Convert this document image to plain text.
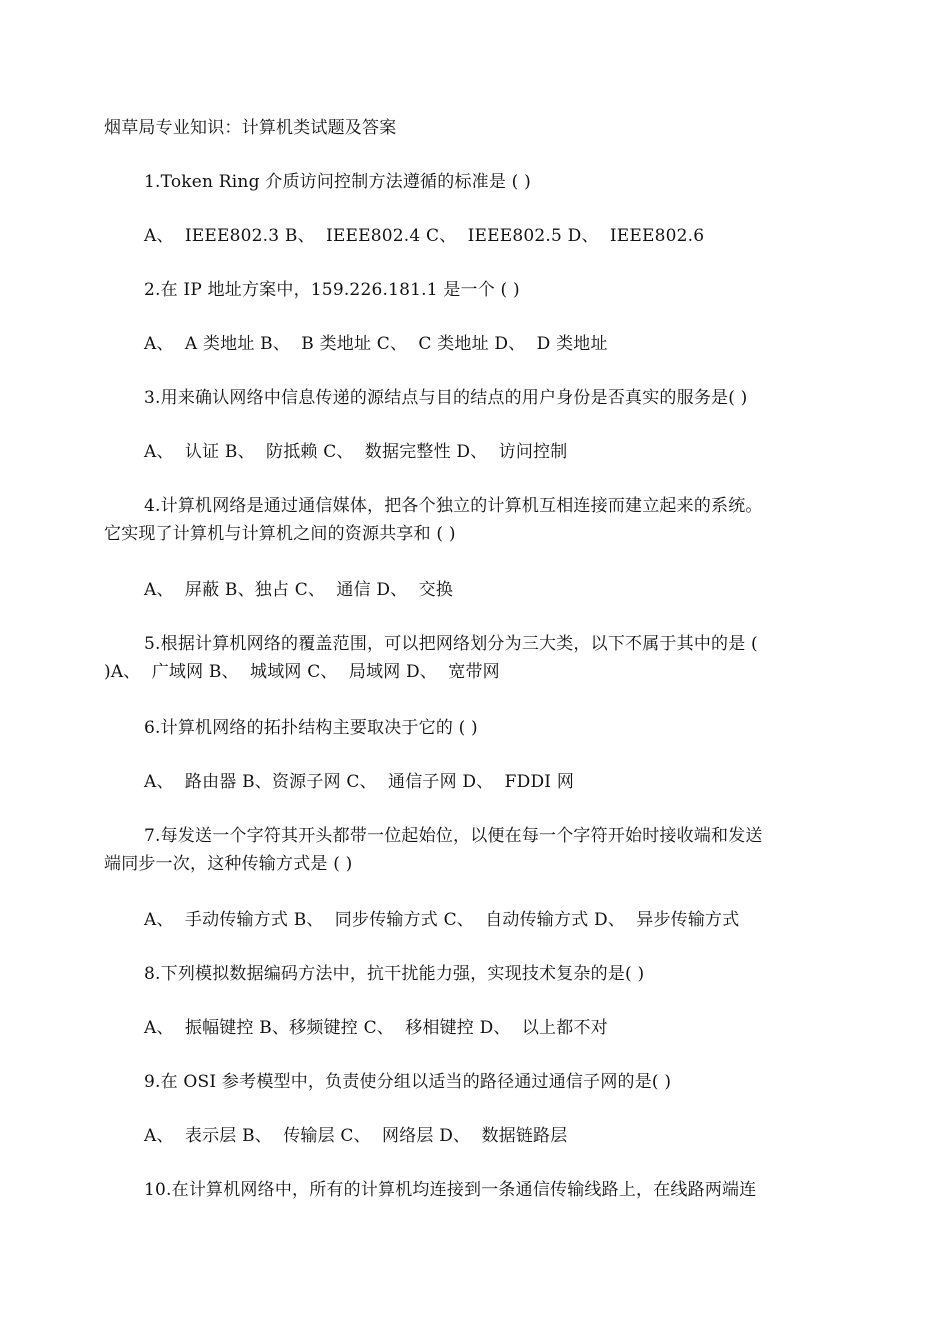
烟草局专业知识：计算机类试题及答案
1.Token Ring 介质访问控制方法遵循的标准是 ( )
A、  IEEE802.3 B、  IEEE802.4 C、  IEEE802.5 D、  IEEE802.6
2.在 IP 地址方案中，159.226.181.1 是一个 ( )
A、  A 类地址 B、  B 类地址 C、  C 类地址 D、  D 类地址
3.用来确认网络中信息传递的源结点与目的结点的用户身份是否真实的服务是( )
A、  认证 B、  防抵赖 C、  数据完整性 D、  访问控制
4.计算机网络是通过通信媒体，把各个独立的计算机互相连接而建立起来的系统。
它实现了计算机与计算机之间的资源共享和 ( )
A、  屏蔽 B、独占 C、  通信 D、  交换
5.根据计算机网络的覆盖范围，可以把网络划分为三大类，以下不属于其中的是 (
)A、  广域网 B、  城域网 C、  局域网 D、  宽带网
6.计算机网络的拓扑结构主要取决于它的 ( )
A、  路由器 B、资源子网 C、  通信子网 D、  FDDI 网
7.每发送一个字符其开头都带一位起始位，以便在每一个字符开始时接收端和发送
端同步一次，这种传输方式是 ( )
A、  手动传输方式 B、  同步传输方式 C、  自动传输方式 D、  异步传输方式
8.下列模拟数据编码方法中，抗干扰能力强，实现技术复杂的是( )
A、  振幅键控 B、移频键控 C、  移相键控 D、  以上都不对
9.在 OSI 参考模型中，负责使分组以适当的路径通过通信子网的是( )
A、  表示层 B、  传输层 C、  网络层 D、  数据链路层
10.在计算机网络中，所有的计算机均连接到一条通信传输线路上，在线路两端连
